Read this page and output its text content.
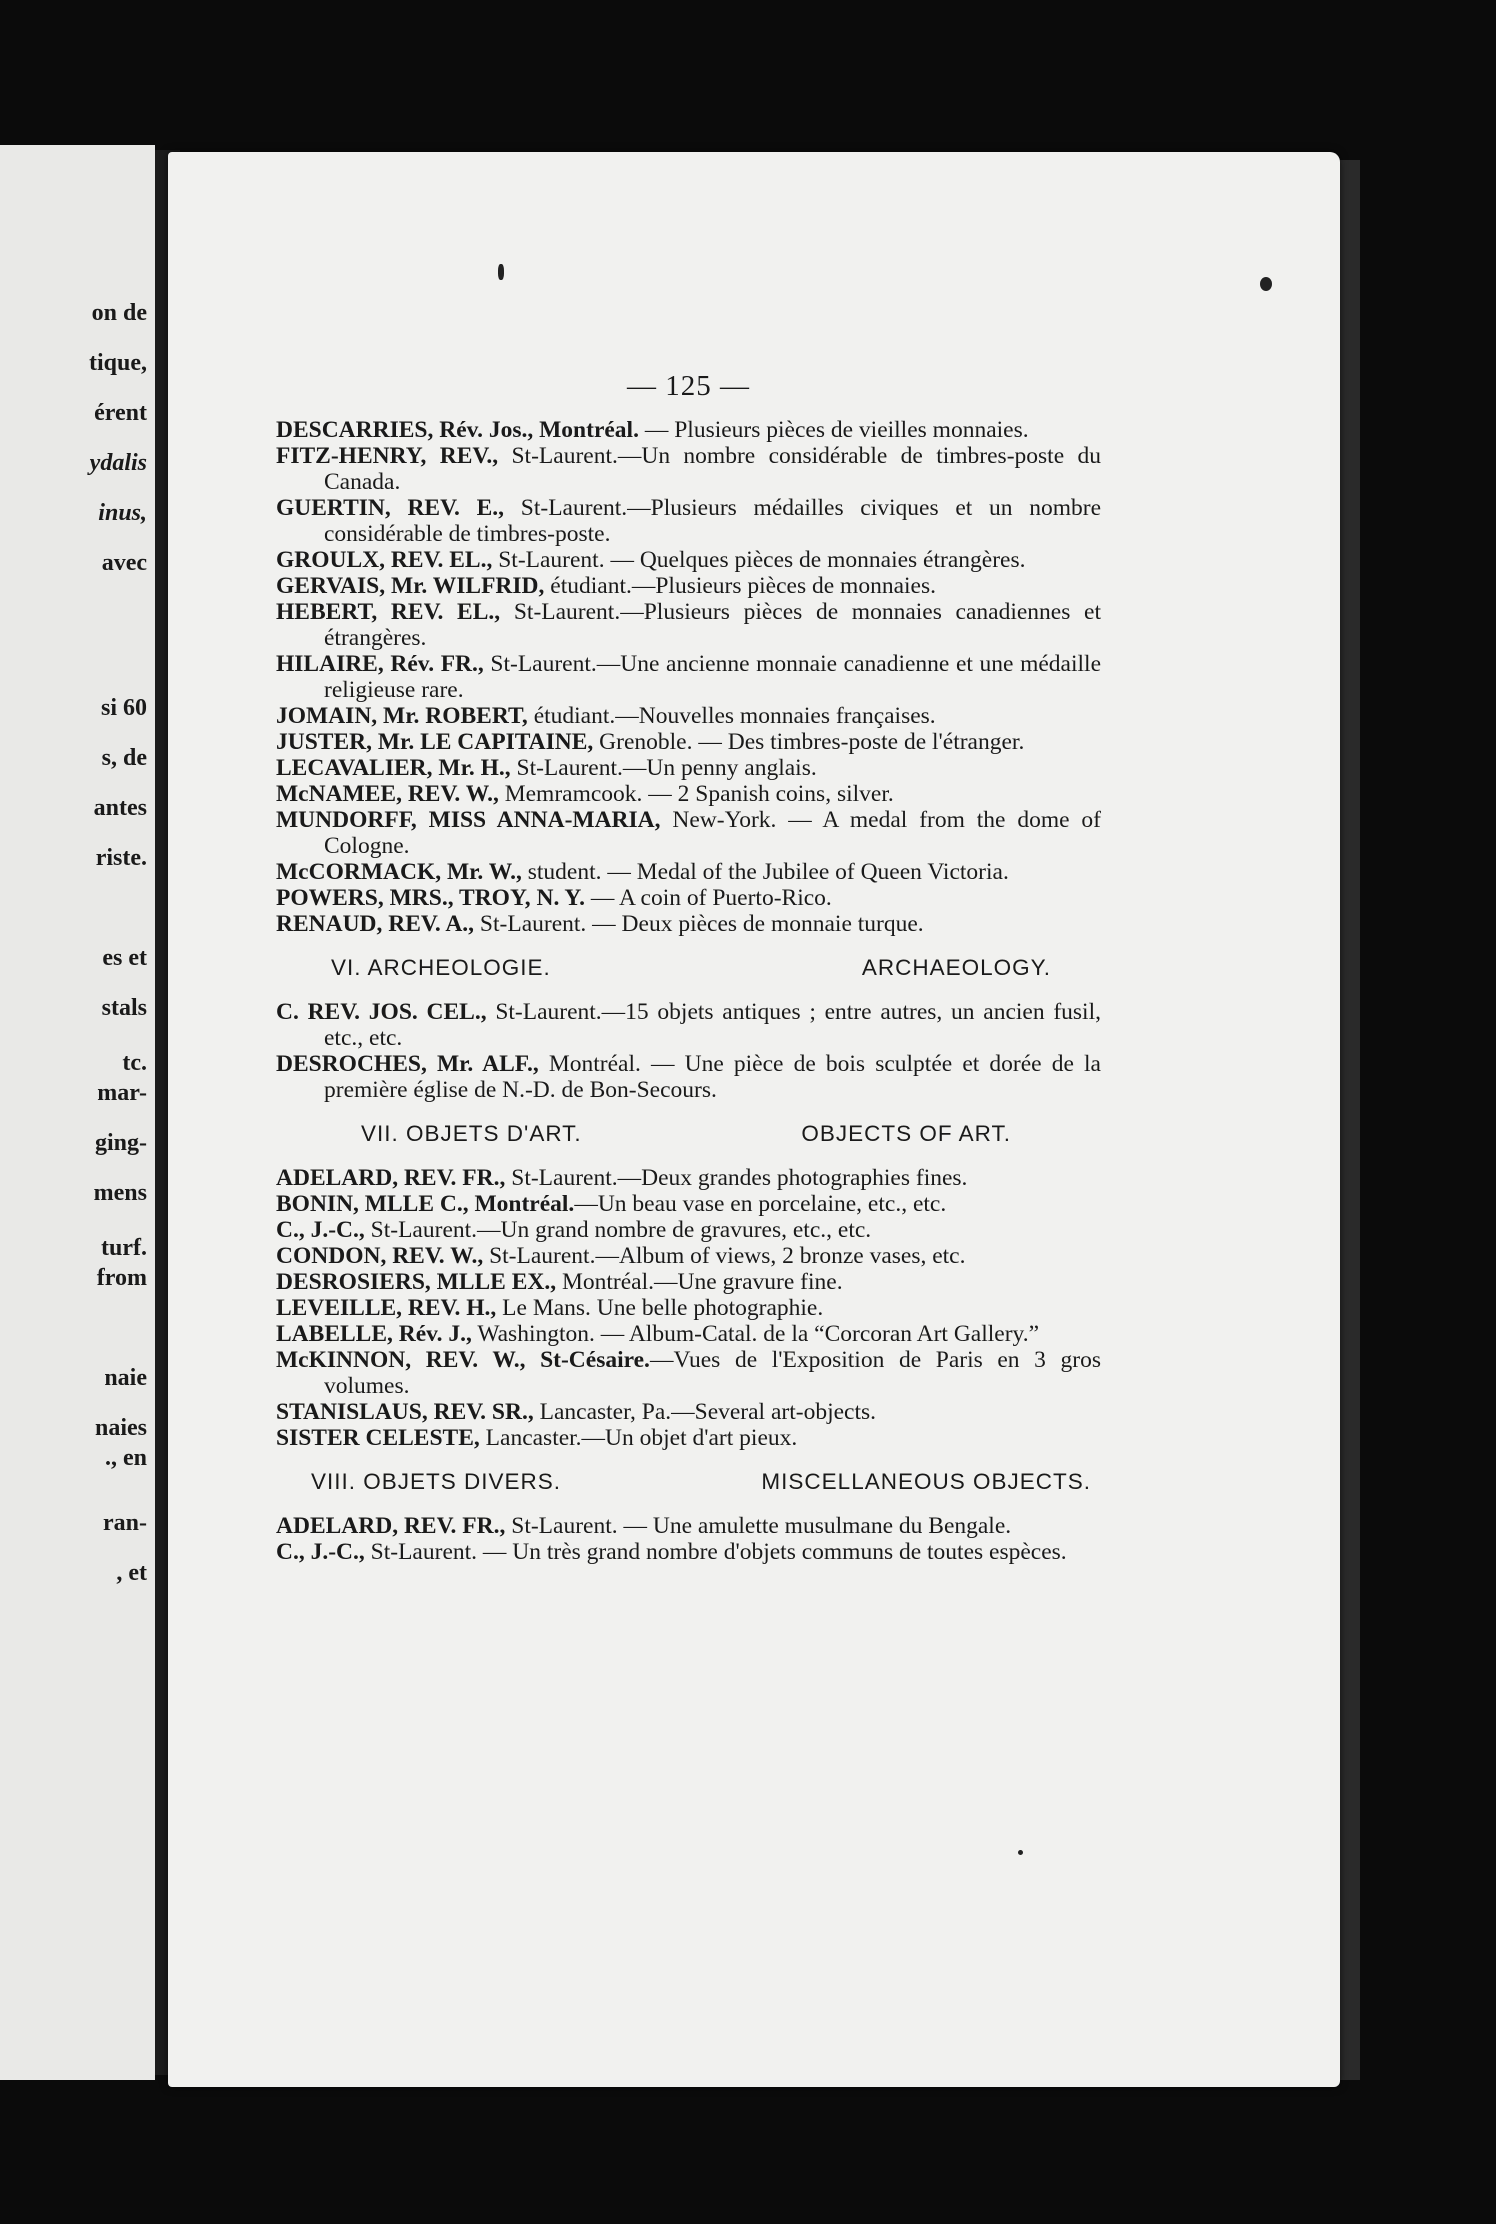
on de
tique,
érent
ydalis
inus,
avec
si 60
s, de
antes
riste.
es et
stals
tc.
mar-
ging-
mens
turf.
from
naie
naies
., en
ran-
, et
— 125 —

DESCARRIES, Rév. Jos., Montréal. — Plusieurs pièces de vieilles monnaies.

FITZ-HENRY, REV., St-Laurent.—Un nombre considérable de timbres-poste du Canada.

GUERTIN, REV. E., St-Laurent.—Plusieurs médailles civiques et un nombre considérable de timbres-poste.

GROULX, REV. EL., St-Laurent. — Quelques pièces de monnaies étrangères.

GERVAIS, Mr. WILFRID, étudiant.—Plusieurs pièces de monnaies.

HEBERT, REV. EL., St-Laurent.—Plusieurs pièces de monnaies canadiennes et étrangères.

HILAIRE, Rév. FR., St-Laurent.—Une ancienne monnaie canadienne et une médaille religieuse rare.

JOMAIN, Mr. ROBERT, étudiant.—Nouvelles monnaies françaises.

JUSTER, Mr. LE CAPITAINE, Grenoble. — Des timbres-poste de l'étranger.

LECAVALIER, Mr. H., St-Laurent.—Un penny anglais.

McNAMEE, REV. W., Memramcook. — 2 Spanish coins, silver.

MUNDORFF, MISS ANNA-MARIA, New-York. — A medal from the dome of Cologne.

McCORMACK, Mr. W., student. — Medal of the Jubilee of Queen Victoria.

POWERS, MRS., TROY, N. Y. — A coin of Puerto-Rico.

RENAUD, REV. A., St-Laurent. — Deux pièces de monnaie turque.

VI. ARCHEOLOGIE.	ARCHAEOLOGY.

C. REV. JOS. CEL., St-Laurent.—15 objets antiques ; entre autres, un ancien fusil, etc., etc.

DESROCHES, Mr. ALF., Montréal. — Une pièce de bois sculptée et dorée de la première église de N.-D. de Bon-Secours.

VII. OBJETS D'ART.	OBJECTS OF ART.

ADELARD, REV. FR., St-Laurent.—Deux grandes photographies fines.

BONIN, MLLE C., Montréal.—Un beau vase en porcelaine, etc., etc.

C., J.-C., St-Laurent.—Un grand nombre de gravures, etc., etc.

CONDON, REV. W., St-Laurent.—Album of views, 2 bronze vases, etc.

DESROSIERS, MLLE EX., Montréal.—Une gravure fine.

LEVEILLE, REV. H., Le Mans. Une belle photographie.

LABELLE, Rév. J., Washington. — Album-Catal. de la “Corcoran Art Gallery.”

McKINNON, REV. W., St-Césaire.—Vues de l'Exposition de Paris en 3 gros volumes.

STANISLAUS, REV. SR., Lancaster, Pa.—Several art-objects.

SISTER CELESTE, Lancaster.—Un objet d'art pieux.

VIII. OBJETS DIVERS.	MISCELLANEOUS OBJECTS.

ADELARD, REV. FR., St-Laurent. — Une amulette musulmane du Bengale.

C., J.-C., St-Laurent. — Un très grand nombre d'objets communs de toutes espèces.
